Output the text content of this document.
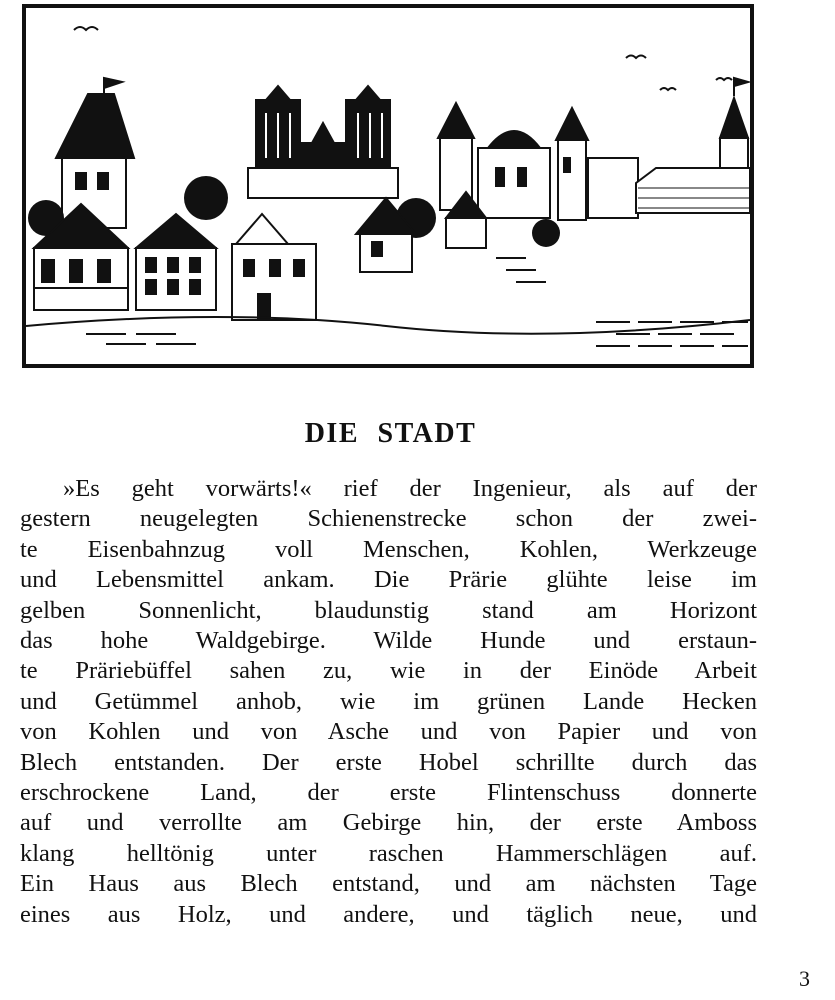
DIE STADT
»Es geht vorwärts!« rief der Ingenieur, als auf der
gestern neugelegten Schienenstrecke schon der zwei-
te Eisenbahnzug voll Menschen, Kohlen, Werkzeuge
und Lebensmittel ankam. Die Prärie glühte leise im
gelben Sonnenlicht, blaudunstig stand am Horizont
das hohe Waldgebirge. Wilde Hunde und erstaun-
te Präriebüffel sahen zu, wie in der Einöde Arbeit
und Getümmel anhob, wie im grünen Lande Hecken
von Kohlen und von Asche und von Papier und von
Blech entstanden. Der erste Hobel schrillte durch das
erschrockene Land, der erste Flintenschuss donnerte
auf und verrollte am Gebirge hin, der erste Amboss
klang helltönig unter raschen Hammerschlägen auf.
Ein Haus aus Blech entstand, und am nächsten Tage
eines aus Holz, und andere, und täglich neue, und
3
